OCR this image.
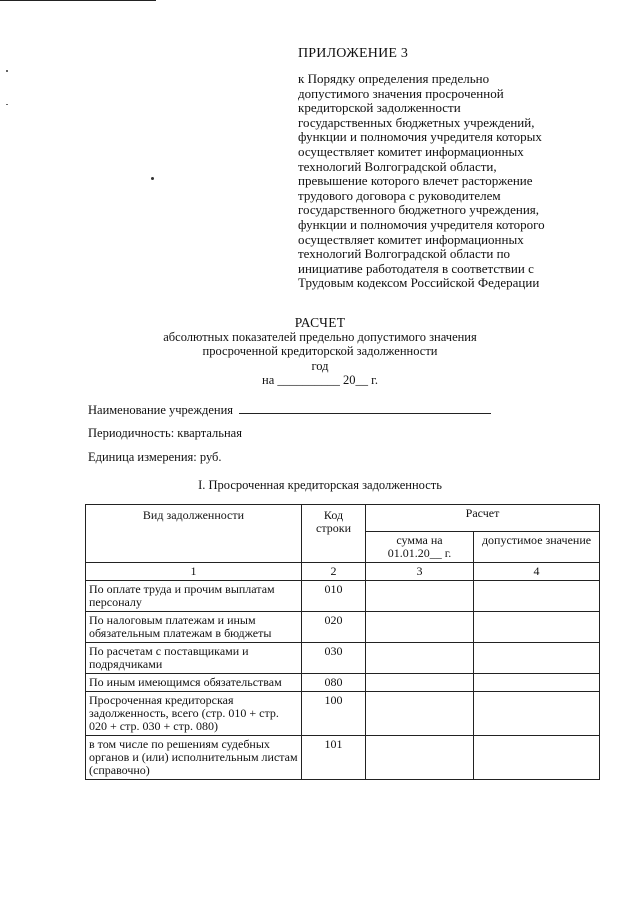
ПРИЛОЖЕНИЕ 3
к Порядку определения предельно
допустимого значения просроченной
кредиторской задолженности
государственных бюджетных учреждений,
функции и полномочия учредителя которых
осуществляет комитет информационных
технологий Волгоградской области,
превышение которого влечет расторжение
трудового договора с руководителем
государственного бюджетного учреждения,
функции и полномочия учредителя которого
осуществляет комитет информационных
технологий Волгоградской области по
инициативе работодателя в соответствии с
Трудовым кодексом Российской Федерации
РАСЧЕТ
абсолютных показателей предельно допустимого значения
просроченной кредиторской задолженности
год
на __________ 20__ г.
Наименование учреждения
Периодичность: квартальная
Единица измерения: руб.
I. Просроченная кредиторская задолженность
Вид задолженности	Код строки	Расчет	
		сумма на 01.01.20__ г.	допустимое значение
1	2	3	4
По оплате труда и прочим выплатам персоналу	010		
По налоговым платежам и иным обязательным платежам в бюджеты	020		
По расчетам с поставщиками и подрядчиками	030		
По иным имеющимся обязательствам	080		
Просроченная кредиторская задолженность, всего (стр. 010 + стр. 020 + стр. 030 + стр. 080)	100		
в том числе по решениям судебных органов и (или) исполнительным листам (справочно)	101		
